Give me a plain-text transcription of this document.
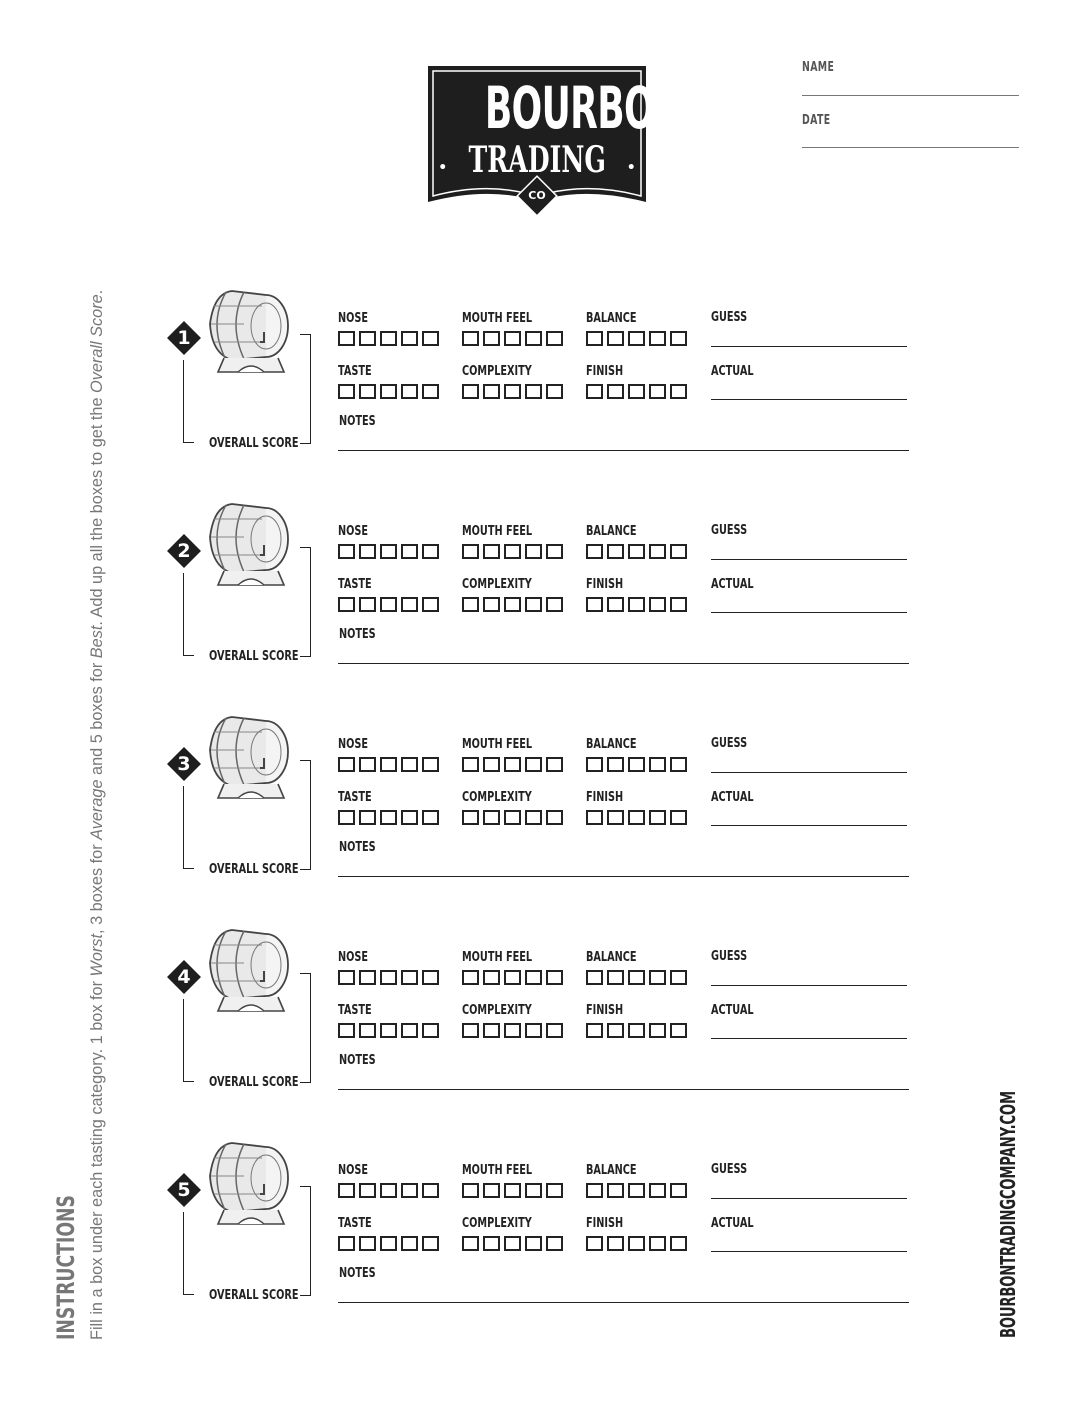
BOURBON
• TRADING •
CO
NAME
DATE
INSTRUCTIONS Fill in a box under each tasting category. 1 box for Worst, 3 boxes for Average and 5 boxes for Best. Add up all the boxes to get the Overall Score.
BOURBONTRADINGCOMPANY.COM
1
OVERALL SCORE
NOSE	MOUTH FEEL	BALANCE
TASTE	COMPLEXITY	FINISH
GUESS
ACTUAL
NOTES
2
OVERALL SCORE
NOSE	MOUTH FEEL	BALANCE
TASTE	COMPLEXITY	FINISH
GUESS
ACTUAL
NOTES
3
OVERALL SCORE
NOSE	MOUTH FEEL	BALANCE
TASTE	COMPLEXITY	FINISH
GUESS
ACTUAL
NOTES
4
OVERALL SCORE
NOSE	MOUTH FEEL	BALANCE
TASTE	COMPLEXITY	FINISH
GUESS
ACTUAL
NOTES
5
OVERALL SCORE
NOSE	MOUTH FEEL	BALANCE
TASTE	COMPLEXITY	FINISH
GUESS
ACTUAL
NOTES
